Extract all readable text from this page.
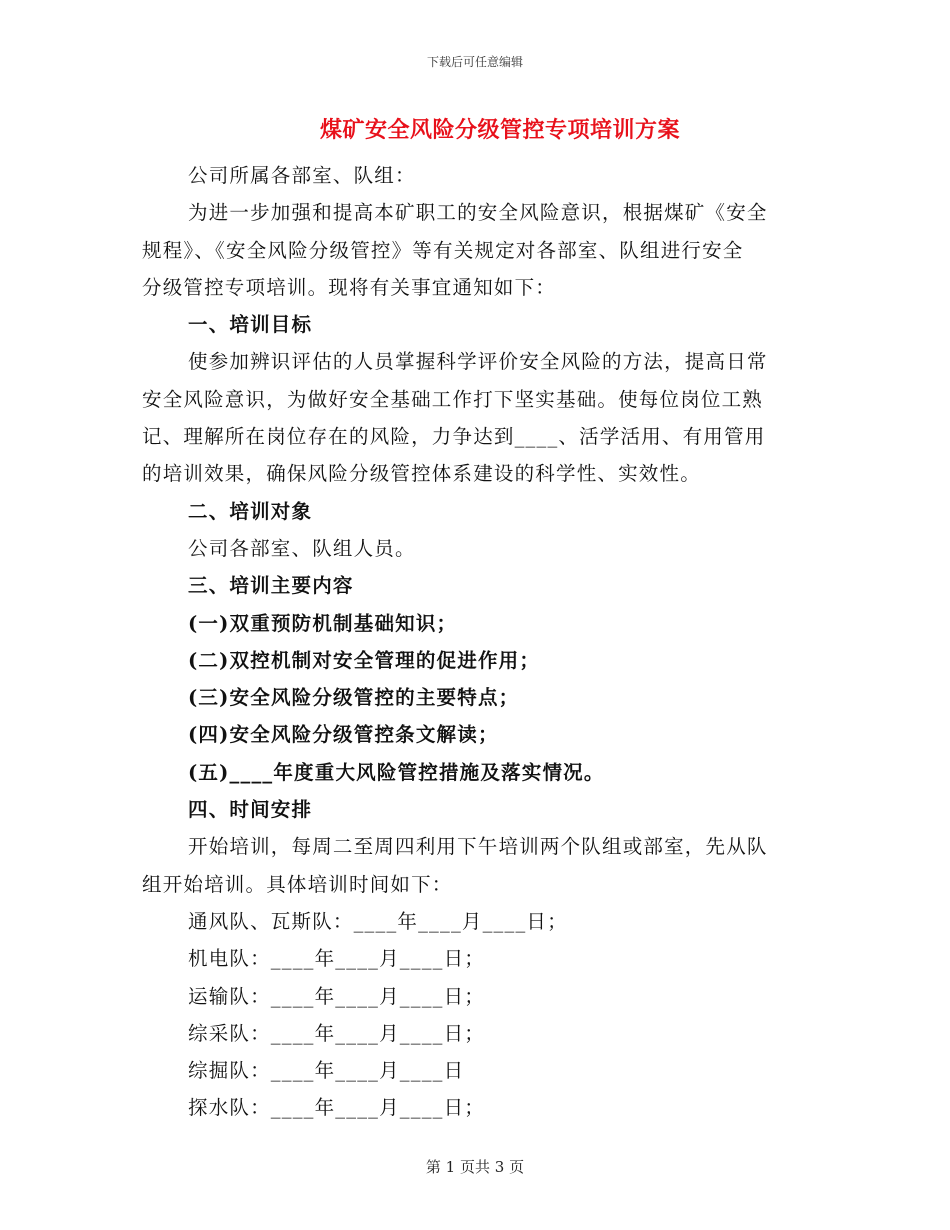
下载后可任意编辑
煤矿安全风险分级管控专项培训方案
公司所属各部室、队组：
为进一步加强和提高本矿职工的安全风险意识，根据煤矿《安全
规程》、《安全风险分级管控》等有关规定对各部室、队组进行安全
分级管控专项培训。现将有关事宜通知如下：
一、培训目标
使参加辨识评估的人员掌握科学评价安全风险的方法，提高日常
安全风险意识，为做好安全基础工作打下坚实基础。使每位岗位工熟
记、理解所在岗位存在的风险，力争达到____、活学活用、有用管用
的培训效果，确保风险分级管控体系建设的科学性、实效性。
二、培训对象
公司各部室、队组人员。
三、培训主要内容
(一)双重预防机制基础知识；
(二)双控机制对安全管理的促进作用；
(三)安全风险分级管控的主要特点；
(四)安全风险分级管控条文解读；
(五)____年度重大风险管控措施及落实情况。
四、时间安排
开始培训，每周二至周四利用下午培训两个队组或部室，先从队
组开始培训。具体培训时间如下：
通风队、瓦斯队：____年____月____日；
机电队：____年____月____日；
运输队：____年____月____日；
综采队：____年____月____日；
综掘队：____年____月____日
探水队：____年____月____日；
第 1 页共 3 页
